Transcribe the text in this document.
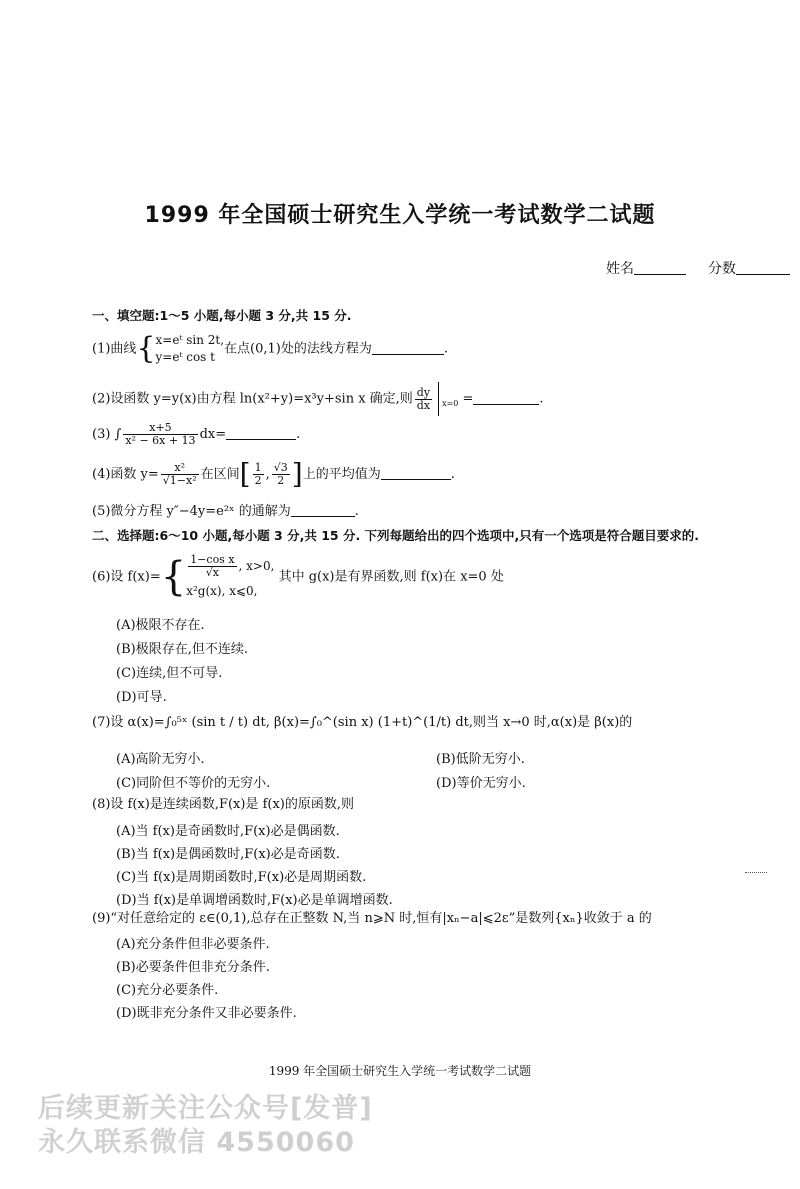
1999 年全国硕士研究生入学统一考试数学二试题
姓名	分数
一、填空题:1～5 小题,每小题 3 分,共 15 分.
(1)曲线{ x=eᵗ sin 2t,
y=eᵗ cos t
在点(0,1)处的法线方程为	.
(2)设函数 y=y(x)由方程 ln(x²+y)=x³y+sin x 确定,则 $\frac{dy}{dx} _{x=0}$ =	.
(3) ∫ $\frac{x+5}{\text{x² − 6x + 13}} dx=$	.
(4)函数 $y= \frac{\text{x²}}{\text{√1−x²}}$ 在区间[ $\frac{1}{2}$ , $\frac{√3}{2}$ ]上的平均值为	.
(5)微分方程 y″−4y=e²ˣ 的通解为	.
二、选择题:6～10 小题,每小题 3 分,共 15 分. 下列每题给出的四个选项中,只有一个选项是符合题目要求的.
(6)设 $f(x)=\{ \frac{\text{1−cos x}}{√x}$ , x>0,
x²g(x), x⩽0,
其中 g(x)是有界函数,则 f(x)在 x=0 处
(A)极限不存在.
(B)极限存在,但不连续.
(C)连续,但不可导.
(D)可导.
(7)设 α(x)=∫₀⁵ˣ (sin t / t) dt, β(x)=∫₀^(sin x) (1+t)^(1/t) dt,则当 x→0 时,α(x)是 β(x)的
(A)高阶无穷小.	(B)低阶无穷小.
(C)同阶但不等价的无穷小.	(D)等价无穷小.
(8)设 f(x)是连续函数,F(x)是 f(x)的原函数,则
(A)当 f(x)是奇函数时,F(x)必是偶函数.
(B)当 f(x)是偶函数时,F(x)必是奇函数.
(C)当 f(x)是周期函数时,F(x)必是周期函数.
(D)当 f(x)是单调增函数时,F(x)必是单调增函数.
(9)“对任意给定的 ε∈(0,1),总存在正整数 N,当 n⩾N 时,恒有|xₙ−a|⩽2ε”是数列{xₙ}收敛于 a 的
(A)充分条件但非必要条件.
(B)必要条件但非充分条件.
(C)充分必要条件.
(D)既非充分条件又非必要条件.
1999 年全国硕士研究生入学统一考试数学二试题
后续更新关注公众号[发普]
永久联系微信 4550060
